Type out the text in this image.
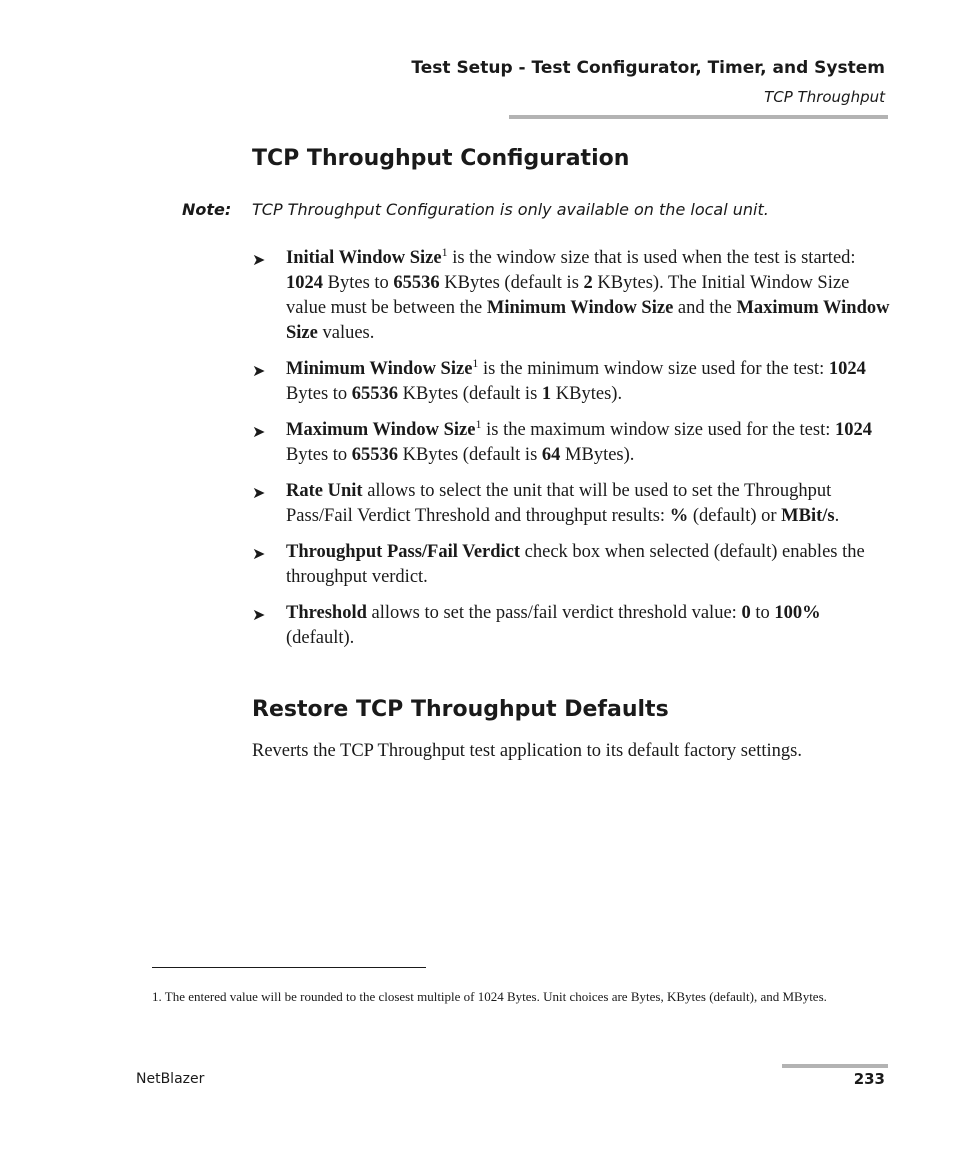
Test Setup - Test Configurator, Timer, and System
TCP Throughput
TCP Throughput Configuration
Note: TCP Throughput Configuration is only available on the local unit.
➤	Initial Window Size$^1$ is the window size that is used when the test is started: 1024 Bytes to 65536 KBytes (default is 2 KBytes). The Initial Window Size value must be between the Minimum Window Size and the Maximum Window Size values.
➤	Minimum Window Size$^1$ is the minimum window size used for the test: 1024 Bytes to 65536 KBytes (default is 1 KBytes).
➤	Maximum Window Size$^1$ is the maximum window size used for the test: 1024 Bytes to 65536 KBytes (default is 64 MBytes).
➤	Rate Unit allows to select the unit that will be used to set the Throughput Pass/Fail Verdict Threshold and throughput results: % (default) or MBit/s.
➤	Throughput Pass/Fail Verdict check box when selected (default) enables the throughput verdict.
➤	Threshold allows to set the pass/fail verdict threshold value: 0 to 100% (default).
Restore TCP Throughput Defaults
Reverts the TCP Throughput test application to its default factory settings.
1. The entered value will be rounded to the closest multiple of 1024 Bytes. Unit choices are Bytes, KBytes (default), and MBytes.
NetBlazer	233
